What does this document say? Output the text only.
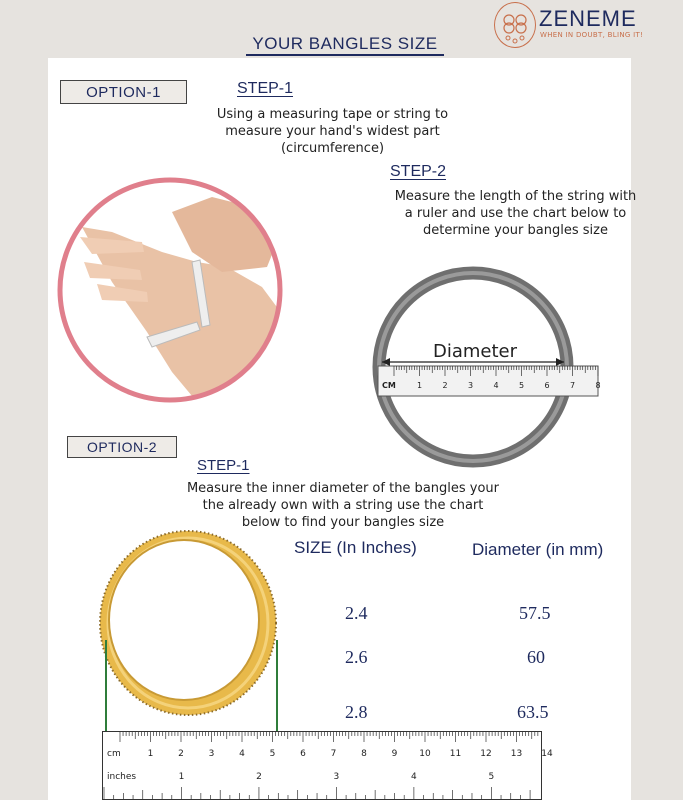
ZENEME
WHEN IN DOUBT, BLING IT!
YOUR BANGLES SIZE
OPTION-1	STEP-1
Using a measuring tape or string to
measure your hand's widest part
(circumference)
STEP-2
Measure the length of the string with
a ruler and use the chart below to
determine your bangles size
Diameter
CM	1	2	3	4	5	6	7	8
OPTION-2
STEP-1
Measure the inner diameter of the bangles your
the already own with a string use the chart
below to find your bangles size
SIZE (In Inches)	Diameter (in mm)
2.4	57.5
2.6	60
2.8	63.5
cm
inches
1	2	3	4	5	6	7	8	9 10 11 12 13 14
1	2	3	4	5
